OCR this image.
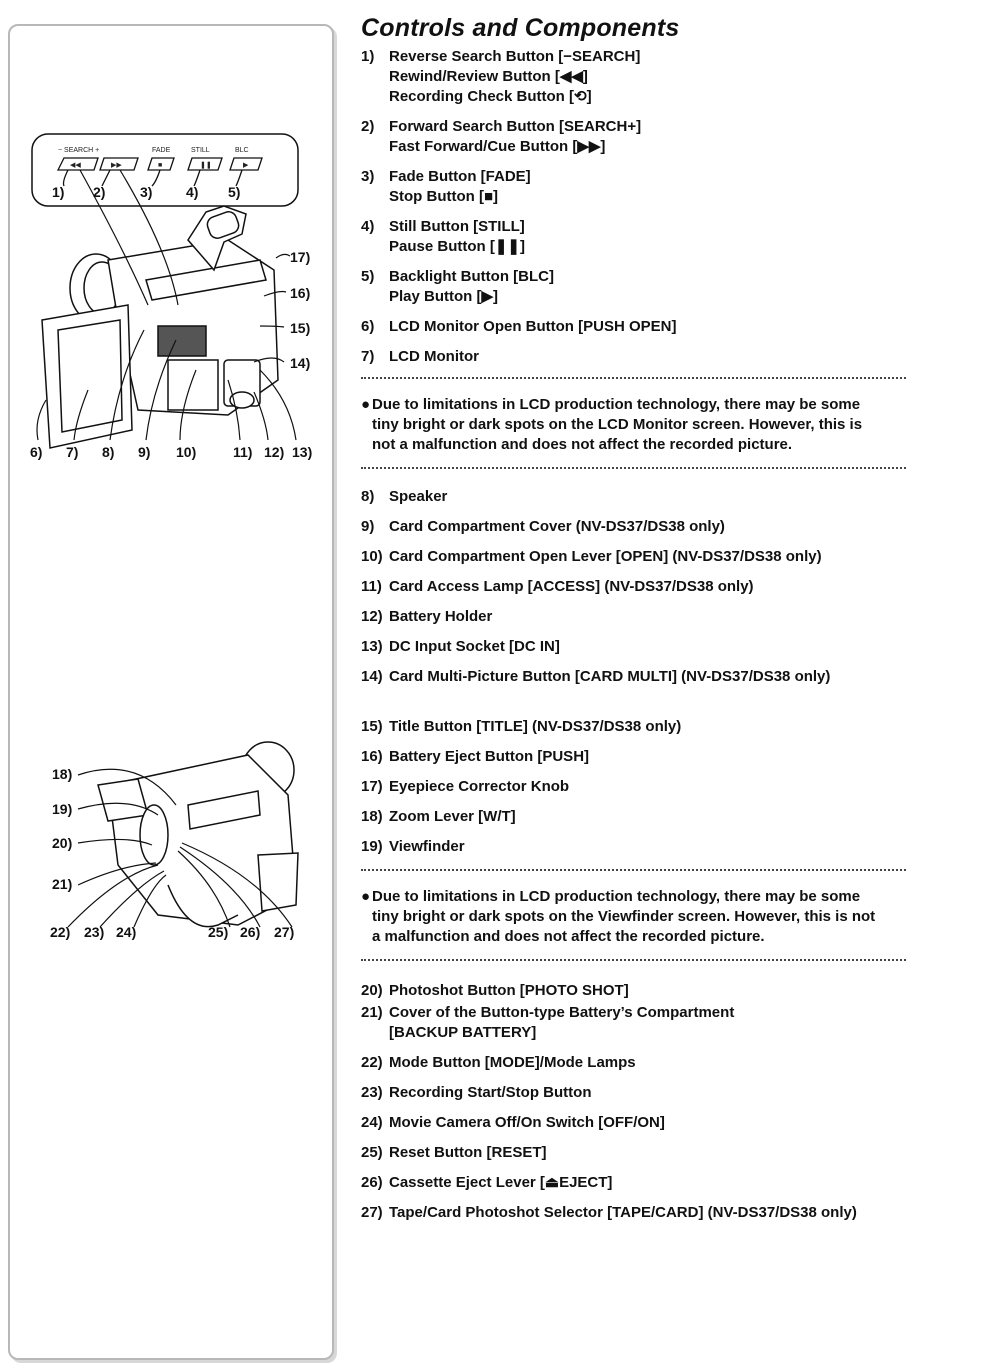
− SEARCH +	FADE	STILL	BLC
◀◀	▶▶	■	❚❚	▶
1) 2) 3) 4) 5)
17)
16)
15)
14)
6) 7) 8) 9) 10)	11) 12) 13)
18)
19)
20)
21)
22) 23) 24)	25) 26) 27)
Controls and Components
1) Reverse Search Button [−SEARCH]
Rewind/Review Button [◀◀]
Recording Check Button [⟲]
2) Forward Search Button [SEARCH+]
Fast Forward/Cue Button [▶▶]
3) Fade Button [FADE]
Stop Button [■]
4) Still Button [STILL]
Pause Button [❚❚]
5) Backlight Button [BLC]
Play Button [▶]
6) LCD Monitor Open Button [PUSH OPEN]
7) LCD Monitor
● Due to limitations in LCD production technology, there may be some
tiny bright or dark spots on the LCD Monitor screen. However, this is
not a malfunction and does not affect the recorded picture.
8) Speaker
9) Card Compartment Cover (NV-DS37/DS38 only)
10) Card Compartment Open Lever [OPEN] (NV-DS37/DS38 only)
11) Card Access Lamp [ACCESS] (NV-DS37/DS38 only)
12) Battery Holder
13) DC Input Socket [DC IN]
14) Card Multi-Picture Button [CARD MULTI] (NV-DS37/DS38 only)
15) Title Button [TITLE] (NV-DS37/DS38 only)
16) Battery Eject Button [PUSH]
17) Eyepiece Corrector Knob
18) Zoom Lever [W/T]
19) Viewfinder
● Due to limitations in LCD production technology, there may be some
tiny bright or dark spots on the Viewfinder screen. However, this is not
a malfunction and does not affect the recorded picture.
20) Photoshot Button [PHOTO SHOT]
21) Cover of the Button-type Battery’s Compartment
[BACKUP BATTERY]
22) Mode Button [MODE]/Mode Lamps
23) Recording Start/Stop Button
24) Movie Camera Off/On Switch [OFF/ON]
25) Reset Button [RESET]
26) Cassette Eject Lever [⏏EJECT]
27) Tape/Card Photoshot Selector [TAPE/CARD] (NV-DS37/DS38 only)
